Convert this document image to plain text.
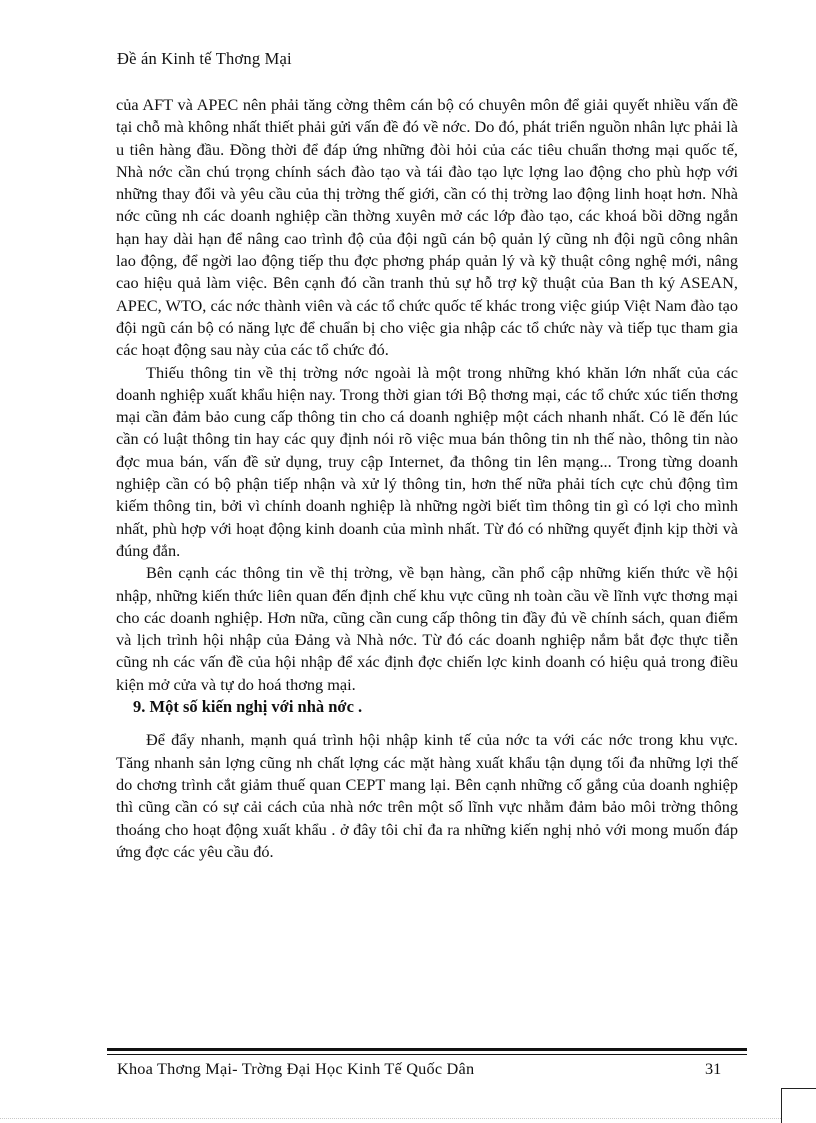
Đề án Kinh tế Thơng Mại

của AFT và APEC nên phải tăng cờng thêm cán bộ có chuyên môn để giải quyết nhiều vấn đề tại chỗ mà không nhất thiết phải gửi vấn đề đó về nớc. Do đó, phát triển nguồn nhân lực phải là u tiên hàng đầu. Đồng thời để đáp ứng những đòi hỏi của các tiêu chuẩn thơng mại quốc tế, Nhà nớc cần chú trọng chính sách đào tạo và tái đào tạo lực lợng lao động cho phù hợp với những thay đổi và yêu cầu của thị trờng thế giới, cần có thị trờng lao động linh hoạt hơn. Nhà nớc cũng nh các doanh nghiệp cần thờng xuyên mở các lớp đào tạo, các khoá bồi dỡng ngắn hạn hay dài hạn để nâng cao trình độ của đội ngũ cán bộ quản lý cũng nh đội ngũ công nhân lao động, để ngời lao động tiếp thu đợc phơng pháp quản lý và kỹ thuật công nghệ mới, nâng cao hiệu quả làm việc. Bên cạnh đó cần tranh thủ sự hỗ trợ kỹ thuật của Ban th ký ASEAN, APEC, WTO, các nớc thành viên và các tổ chức quốc tế khác trong việc giúp Việt Nam đào tạo đội ngũ cán bộ có năng lực để chuẩn bị cho việc gia nhập các tổ chức này và tiếp tục tham gia các hoạt động sau này của các tổ chức đó.

Thiếu thông tin về thị trờng nớc ngoài là một trong những khó khăn lớn nhất của các doanh nghiệp xuất khẩu hiện nay. Trong thời gian tới Bộ thơng mại, các tổ chức xúc tiến thơng mại cần đảm bảo cung cấp thông tin cho cá doanh nghiệp một cách nhanh nhất. Có lẽ đến lúc cần có luật thông tin hay các quy định nói rõ việc mua bán thông tin nh thế nào, thông tin nào đợc mua bán, vấn đề sử dụng, truy cập Internet, đa thông tin lên mạng... Trong từng doanh nghiệp cần có bộ phận tiếp nhận và xử lý thông tin, hơn thế nữa phải tích cực chủ động tìm kiếm thông tin, bởi vì chính doanh nghiệp là những ngời biết tìm thông tin gì có lợi cho mình nhất, phù hợp với hoạt động kinh doanh của mình nhất. Từ đó có những quyết định kịp thời và đúng đắn.

Bên cạnh các thông tin về thị trờng, về bạn hàng, cần phổ cập những kiến thức về hội nhập, những kiến thức liên quan đến định chế khu vực cũng nh toàn cầu về lĩnh vực thơng mại cho các doanh nghiệp. Hơn nữa, cũng cần cung cấp thông tin đầy đủ về chính sách, quan điểm và lịch trình hội nhập của Đảng và Nhà nớc. Từ đó các doanh nghiệp nắm bắt đợc thực tiễn cũng nh các vấn đề của hội nhập để xác định đợc chiến lợc kinh doanh có hiệu quả trong điều kiện mở cửa và tự do hoá thơng mại.

9. Một số kiến nghị với nhà nớc .

Để đẩy nhanh, mạnh quá trình hội nhập kinh tế của nớc ta với các nớc trong khu vực. Tăng nhanh sản lợng cũng nh chất lợng các mặt hàng xuất khẩu tận dụng tối đa những lợi thế do chơng trình cắt giảm thuế quan CEPT mang lại. Bên cạnh những cố gắng của doanh nghiệp thì cũng cần có sự cải cách của nhà nớc trên một số lĩnh vực nhằm đảm bảo môi trờng thông thoáng cho hoạt động xuất khẩu . ở đây tôi chỉ đa ra những kiến nghị nhỏ với mong muốn đáp ứng đợc các yêu cầu đó.

Khoa Thơng Mại- Trờng Đại Học Kinh Tế Quốc Dân	31
